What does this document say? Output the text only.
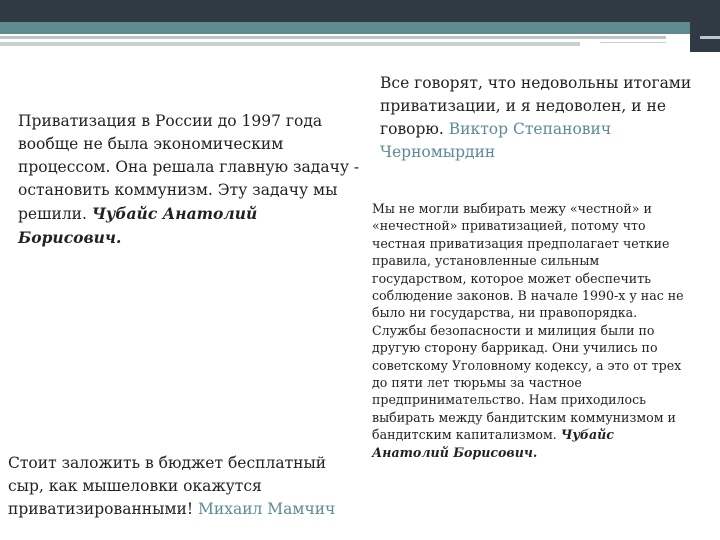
Приватизация в России до 1997 года вообще не была экономическим процессом. Она решала главную задачу - остановить коммунизм. Эту задачу мы решили. Чубайс Анатолий Борисович.

Все говорят, что недовольны итогами приватизации, и я недоволен, и не говорю. Виктор Степанович Черномырдин

Мы не могли выбирать межу «честной» и «нечестной» приватизацией, потому что честная приватизация предполагает четкие правила, установленные сильным государством, которое может обеспечить соблюдение законов. В начале 1990-х у нас не было ни государства, ни правопорядка. Службы безопасности и милиция были по другую сторону баррикад. Они учились по советскому Уголовному кодексу, а это от трех до пяти лет тюрьмы за частное предпринимательство. Нам приходилось выбирать между бандитским коммунизмом и бандитским капитализмом. Чубайс Анатолий Борисович.

Стоит заложить в бюджет бесплатный сыр, как мышеловки окажутся приватизированными! Михаил Мамчич
